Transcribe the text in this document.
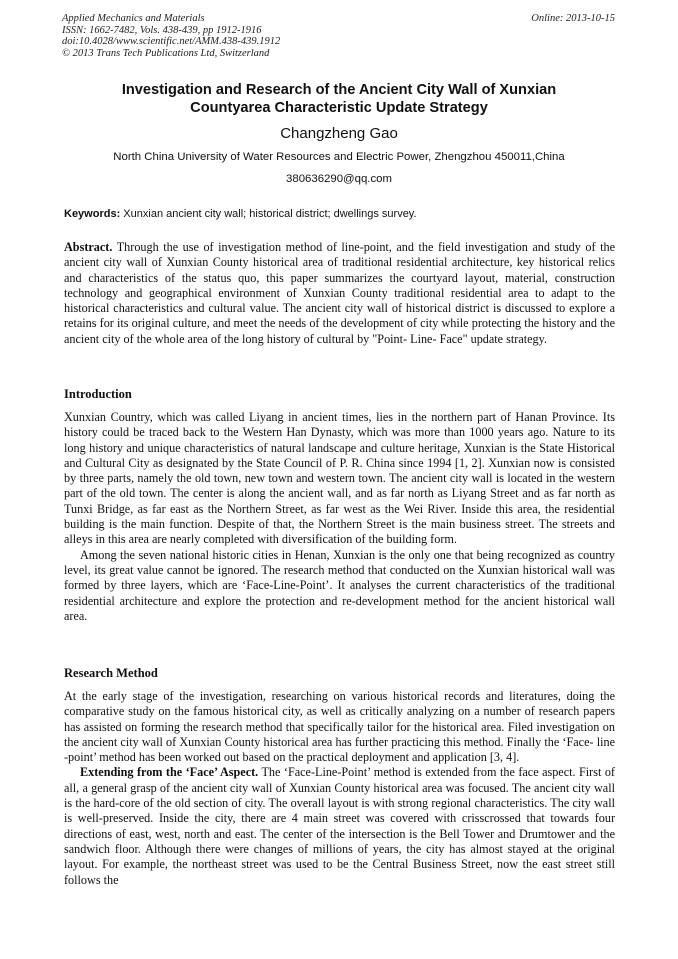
Applied Mechanics and Materials
ISSN: 1662-7482, Vols. 438-439, pp 1912-1916
doi:10.4028/www.scientific.net/AMM.438-439.1912
© 2013 Trans Tech Publications Ltd, Switzerland
Online: 2013-10-15
Investigation and Research of the Ancient City Wall of Xunxian
Countyarea Characteristic Update Strategy
Changzheng Gao
North China University of Water Resources and Electric Power, Zhengzhou 450011,China
380636290@qq.com
Keywords: Xunxian ancient city wall; historical district; dwellings survey.
Abstract. Through the use of investigation method of line-point, and the field investigation and study of the ancient city wall of Xunxian County historical area of traditional residential architecture, key historical relics and characteristics of the status quo, this paper summarizes the courtyard layout, material, construction technology and geographical environment of Xunxian County traditional residential area to adapt to the historical characteristics and cultural value. The ancient city wall of historical district is discussed to explore a retains for its original culture, and meet the needs of the development of city while protecting the history and the ancient city of the whole area of the long history of cultural by "Point- Line- Face" update strategy.
Introduction
Xunxian Country, which was called Liyang in ancient times, lies in the northern part of Hanan Province. Its history could be traced back to the Western Han Dynasty, which was more than 1000 years ago. Nature to its long history and unique characteristics of natural landscape and culture heritage, Xunxian is the State Historical and Cultural City as designated by the State Council of P. R. China since 1994 [1, 2]. Xunxian now is consisted by three parts, namely the old town, new town and western town. The ancient city wall is located in the western part of the old town. The center is along the ancient wall, and as far north as Liyang Street and as far north as Tunxi Bridge, as far east as the Northern Street, as far west as the Wei River. Inside this area, the residential building is the main function. Despite of that, the Northern Street is the main business street. The streets and alleys in this area are nearly completed with diversification of the building form.
Among the seven national historic cities in Henan, Xunxian is the only one that being recognized as country level, its great value cannot be ignored. The research method that conducted on the Xunxian historical wall was formed by three layers, which are ‘Face-Line-Point’. It analyses the current characteristics of the traditional residential architecture and explore the protection and re-development method for the ancient historical wall area.
Research Method
At the early stage of the investigation, researching on various historical records and literatures, doing the comparative study on the famous historical city, as well as critically analyzing on a number of research papers has assisted on forming the research method that specifically tailor for the historical area. Filed investigation on the ancient city wall of Xunxian County historical area has further practicing this method. Finally the ‘Face- line -point’ method has been worked out based on the practical deployment and application [3, 4].
Extending from the ‘Face’ Aspect. The ‘Face-Line-Point’ method is extended from the face aspect. First of all, a general grasp of the ancient city wall of Xunxian County historical area was focused. The ancient city wall is the hard-core of the old section of city. The overall layout is with strong regional characteristics. The city wall is well-preserved. Inside the city, there are 4 main street was covered with crisscrossed that towards four directions of east, west, north and east. The center of the intersection is the Bell Tower and Drumtower and the sandwich floor. Although there were changes of millions of years, the city has almost stayed at the original layout. For example, the northeast street was used to be the Central Business Street, now the east street still follows the
